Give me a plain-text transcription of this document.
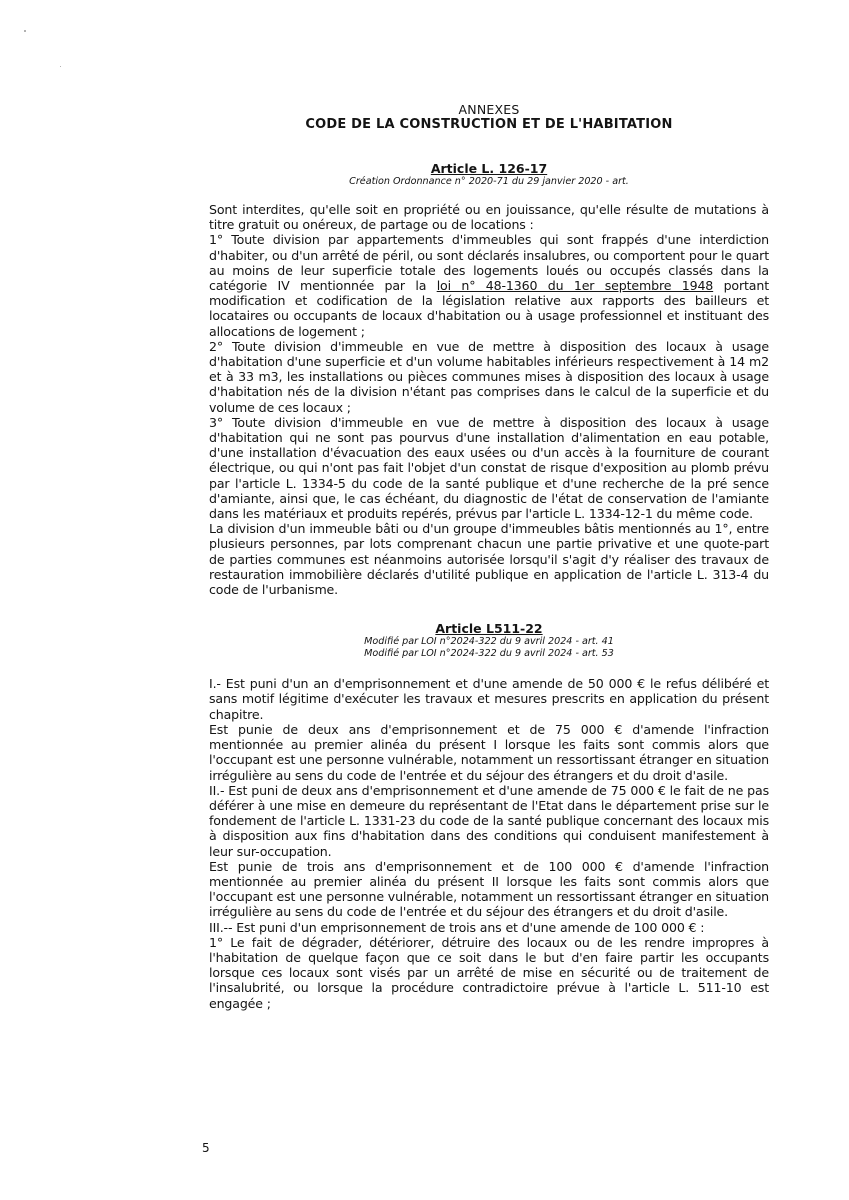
ANNEXES
CODE DE LA CONSTRUCTION ET DE L'HABITATION
Article L. 126-17
Création Ordonnance n° 2020-71 du 29 janvier 2020 - art.

Sont interdites, qu'elle soit en propriété ou en jouissance, qu'elle résulte de mutations à titre gratuit ou onéreux, de partage ou de locations :

1° Toute division par appartements d'immeubles qui sont frappés d'une interdiction d'habiter, ou d'un arrêté de péril, ou sont déclarés insalubres, ou comportent pour le quart au moins de leur superficie totale des logements loués ou occupés classés dans la catégorie IV mentionnée par la loi n° 48-1360 du 1er septembre 1948 portant modification et codification de la législation relative aux rapports des bailleurs et locataires ou occupants de locaux d'habitation ou à usage professionnel et instituant des allocations de logement ;

2° Toute division d'immeuble en vue de mettre à disposition des locaux à usage d'habitation d'une superficie et d'un volume habitables inférieurs respectivement à 14 m2 et à 33 m3, les installations ou pièces communes mises à disposition des locaux à usage d'habitation nés de la division n'étant pas comprises dans le calcul de la superficie et du volume de ces locaux ;

3° Toute division d'immeuble en vue de mettre à disposition des locaux à usage d'habitation qui ne sont pas pourvus d'une installation d'alimentation en eau potable, d'une installation d'évacuation des eaux usées ou d'un accès à la fourniture de courant électrique, ou qui n'ont pas fait l'objet d'un constat de risque d'exposition au plomb prévu par l'article L. 1334-5 du code de la santé publique et d'une recherche de la pré sence d'amiante, ainsi que, le cas échéant, du diagnostic de l'état de conservation de l'amiante dans les matériaux et produits repérés, prévus par l'article L. 1334-12-1 du même code.

La division d'un immeuble bâti ou d'un groupe d'immeubles bâtis mentionnés au 1°, entre plusieurs personnes, par lots comprenant chacun une partie privative et une quote-part de parties communes est néanmoins autorisée lorsqu'il s'agit d'y réaliser des travaux de restauration immobilière déclarés d'utilité publique en application de l'article L. 313-4 du code de l'urbanisme.

Article L511-22
Modifié par LOI n°2024-322 du 9 avril 2024 - art. 41
Modifié par LOI n°2024-322 du 9 avril 2024 - art. 53

I.- Est puni d'un an d'emprisonnement et d'une amende de 50 000 € le refus délibéré et sans motif légitime d'exécuter les travaux et mesures prescrits en application du présent chapitre.

Est punie de deux ans d'emprisonnement et de 75 000 € d'amende l'infraction mentionnée au premier alinéa du présent I lorsque les faits sont commis alors que l'occupant est une personne vulnérable, notamment un ressortissant étranger en situation irrégulière au sens du code de l'entrée et du séjour des étrangers et du droit d'asile.

II.- Est puni de deux ans d'emprisonnement et d'une amende de 75 000 € le fait de ne pas déférer à une mise en demeure du représentant de l'Etat dans le département prise sur le fondement de l'article L. 1331-23 du code de la santé publique concernant des locaux mis à disposition aux fins d'habitation dans des conditions qui conduisent manifestement à leur sur-occupation.

Est punie de trois ans d'emprisonnement et de 100 000 € d'amende l'infraction mentionnée au premier alinéa du présent II lorsque les faits sont commis alors que l'occupant est une personne vulnérable, notamment un ressortissant étranger en situation irrégulière au sens du code de l'entrée et du séjour des étrangers et du droit d'asile.

III.-- Est puni d'un emprisonnement de trois ans et d'une amende de 100 000 € :

1° Le fait de dégrader, détériorer, détruire des locaux ou de les rendre impropres à l'habitation de quelque façon que ce soit dans le but d'en faire partir les occupants lorsque ces locaux sont visés par un arrêté de mise en sécurité ou de traitement de l'insalubrité, ou lorsque la procédure contradictoire prévue à l'article L. 511-10 est engagée ;

5
